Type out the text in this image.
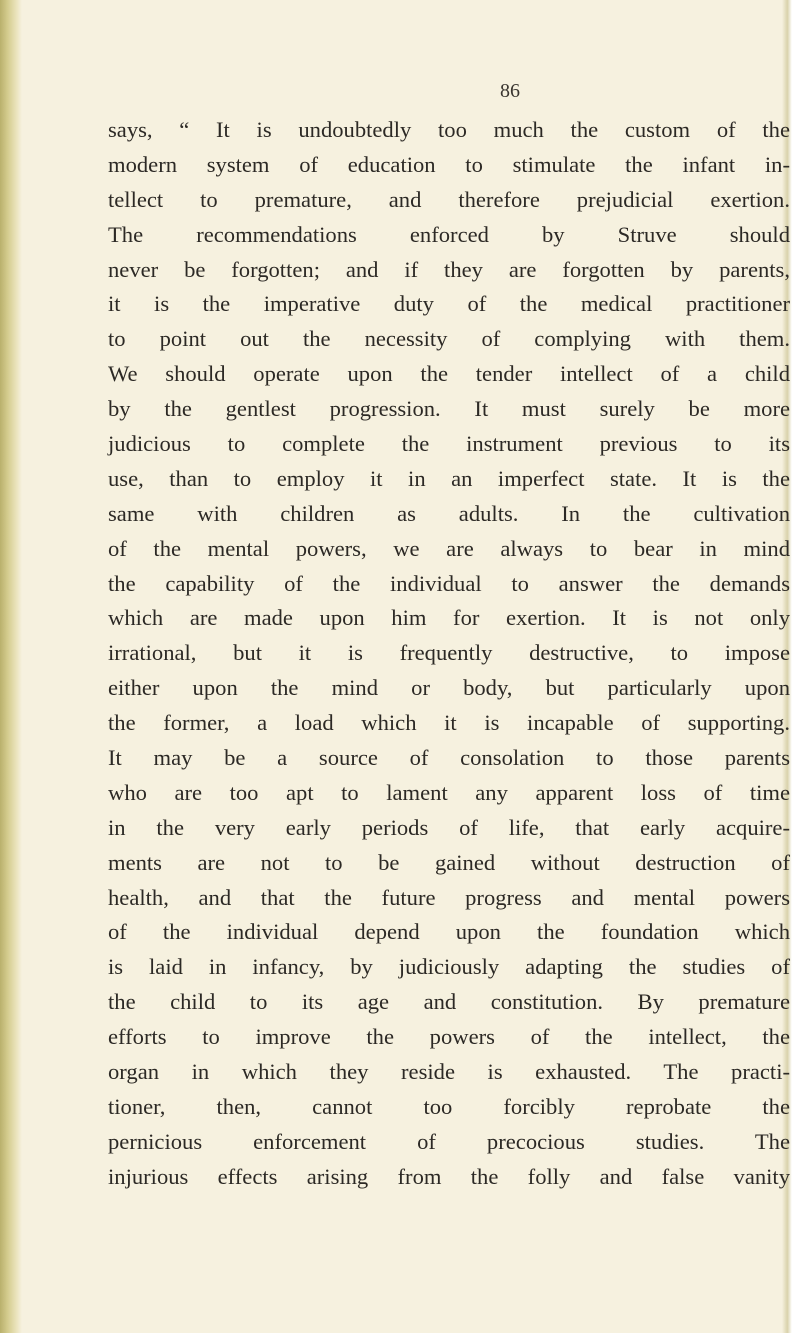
86
says, “ It is undoubtedly too much the custom of the
modern system of education to stimulate the infant in-
tellect to premature, and therefore prejudicial exertion.
The recommendations enforced by Struve should
never be forgotten; and if they are forgotten by parents,
it is the imperative duty of the medical practitioner
to point out the necessity of complying with them.
We should operate upon the tender intellect of a child
by the gentlest progression. It must surely be more
judicious to complete the instrument previous to its
use, than to employ it in an imperfect state. It is the
same with children as adults. In the cultivation
of the mental powers, we are always to bear in mind
the capability of the individual to answer the demands
which are made upon him for exertion. It is not only
irrational, but it is frequently destructive, to impose
either upon the mind or body, but particularly upon
the former, a load which it is incapable of supporting.
It may be a source of consolation to those parents
who are too apt to lament any apparent loss of time
in the very early periods of life, that early acquire-
ments are not to be gained without destruction of
health, and that the future progress and mental powers
of the individual depend upon the foundation which
is laid in infancy, by judiciously adapting the studies of
the child to its age and constitution. By premature
efforts to improve the powers of the intellect, the
organ in which they reside is exhausted. The practi-
tioner, then, cannot too forcibly reprobate the
pernicious enforcement of precocious studies. The
injurious effects arising from the folly and false vanity
